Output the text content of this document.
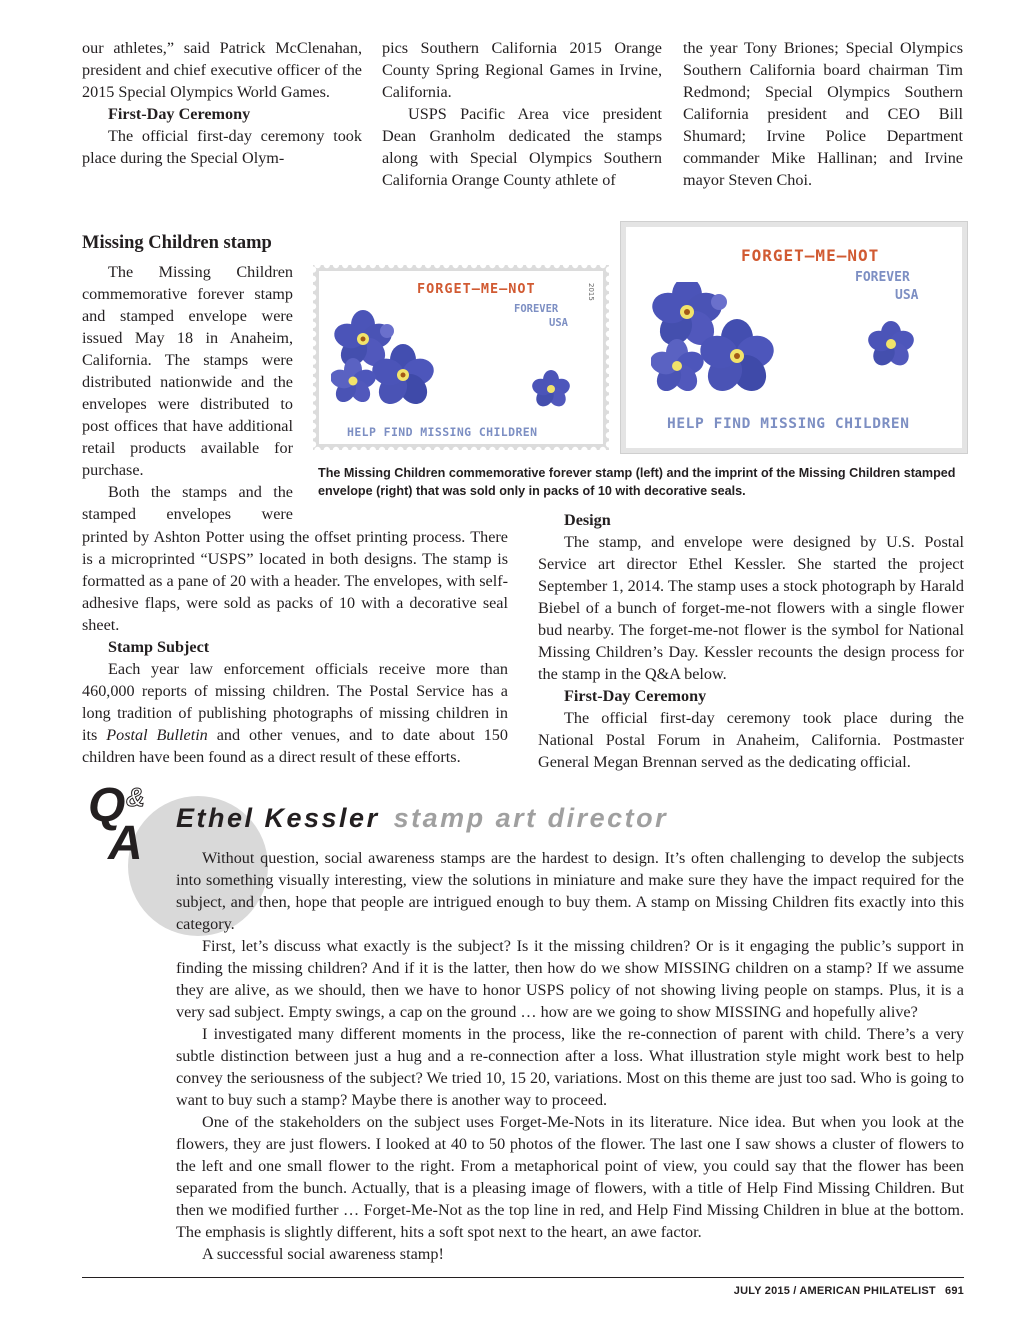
our athletes,” said Patrick McClenahan, president and chief executive officer of the 2015 Special Olympics World Games.

First-Day Ceremony

The official first-day ceremony took place during the Special Olym-

pics Southern California 2015 Orange County Spring Regional Games in Irvine, California.

USPS Pacific Area vice president Dean Granholm dedicated the stamps along with Special Olympics Southern California Orange County athlete of

the year Tony Briones; Special Olympics Southern California board chairman Tim Redmond; Special Olympics Southern California president and CEO Bill Shumard; Irvine Police Department commander Mike Hallinan; and Irvine mayor Steven Choi.

Missing Children stamp

The Missing Children commemorative forever stamp and stamped envelope were issued May 18 in Anaheim, California. The stamps were distributed nationwide and the envelopes were distributed to post offices that have additional retail products available for purchase.

Both the stamps and the stamped envelopes were

FORGET–ME–NOT	2015
FOREVER
USA
HELP FIND MISSING CHILDREN
FORGET–ME–NOT
FOREVER
USA
HELP FIND MISSING CHILDREN
The Missing Children commemorative forever stamp (left) and the imprint of the Missing Children stamped envelope (right) that was sold only in packs of 10 with decorative seals.

printed by Ashton Potter using the offset printing process. There is a microprinted “USPS” located in both designs. The stamp is formatted as a pane of 20 with a header. The envelopes, with self-adhesive flaps, were sold as packs of 10 with a decorative seal sheet.

Stamp Subject

Each year law enforcement officials receive more than 460,000 reports of missing children. The Postal Service has a long tradition of publishing photographs of missing children in its Postal Bulletin and other venues, and to date about 150 children have been found as a direct result of these efforts.

Design

The stamp, and envelope were designed by U.S. Postal Service art director Ethel Kessler. She started the project September 1, 2014. The stamp uses a stock photograph by Harald Biebel of a bunch of forget-me-not flowers with a single flower bud nearby. The forget-me-not flower is the symbol for National Missing Children’s Day. Kessler recounts the design process for the stamp in the Q&A below.

First-Day Ceremony

The official first-day ceremony took place during the National Postal Forum in Anaheim, California. Postmaster General Megan Brennan served as the dedicating official.

Q &
A Ethel Kessler stamp art director

Without question, social awareness stamps are the hardest to design. It’s often challenging to develop the subjects into something visually interesting, view the solutions in miniature and make sure they have the impact required for the subject, and then, hope that people are intrigued enough to buy them. A stamp on Missing Children fits exactly into this category.

First, let’s discuss what exactly is the subject? Is it the missing children? Or is it engaging the public’s support in finding the missing children? And if it is the latter, then how do we show MISSING children on a stamp? If we assume they are alive, as we should, then we have to honor USPS policy of not showing living people on stamps. Plus, it is a very sad subject. Empty swings, a cap on the ground … how are we going to show MISSING and hopefully alive?

I investigated many different moments in the process, like the re-connection of parent with child. There’s a very subtle distinction between just a hug and a re-connection after a loss. What illustration style might work best to help convey the seriousness of the subject? We tried 10, 15 20, variations. Most on this theme are just too sad. Who is going to want to buy such a stamp? Maybe there is another way to proceed.

One of the stakeholders on the subject uses Forget-Me-Nots in its literature. Nice idea. But when you look at the flowers, they are just flowers. I looked at 40 to 50 photos of the flower. The last one I saw shows a cluster of flowers to the left and one small flower to the right. From a metaphorical point of view, you could say that the flower has been separated from the bunch. Actually, that is a pleasing image of flowers, with a title of Help Find Missing Children. But then we modified further … Forget-Me-Not as the top line in red, and Help Find Missing Children in blue at the bottom. The emphasis is slightly different, hits a soft spot next to the heart, an awe factor.

A successful social awareness stamp!

JULY 2015 / AMERICAN PHILATELIST 691
